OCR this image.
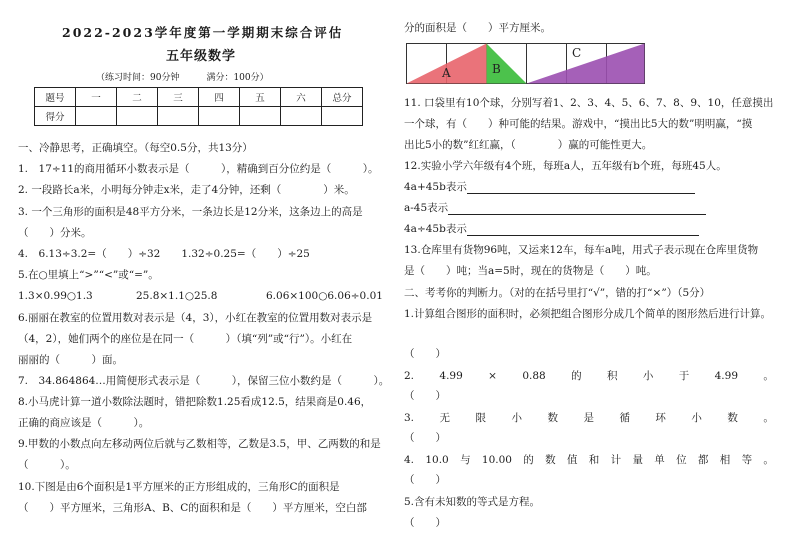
2022-2023学年度第一学期期末综合评估
五年级数学
（练习时间：90分钟　　　满分：100分）
题号	一	二	三	四	五	六	总分
得分							
一、冷静思考，正确填空。（每空0.5分，共13分）
1.　17÷11的商用循环小数表示是（　　　），精确到百分位约是（　　　）。
2. 一段路长a米，小明每分钟走x米，走了4分钟，还剩（　　　　）米。
3. 一个三角形的面积是48平方分米，一条边长是12分米，这条边上的高是
（　　）分米。
4.　6.13÷3.2=（　　）÷32　　1.32÷0.25=（　　）÷25
5.在○里填上“>”“<”或“=”。
1.3×0.99○1.3	25.8×1.1○25.8	6.06×100○6.06÷0.01
6.丽丽在教室的位置用数对表示是（4，3），小红在教室的位置用数对表示是
（4，2），她们两个的座位是在同一（　　　）（填“列”或“行”）。小红在
丽丽的（　　　）面。
7.　34.864864…用简便形式表示是（　　　），保留三位小数约是（　　　）。
8.小马虎计算一道小数除法题时，错把除数1.25看成12.5，结果商是0.46，
正确的商应该是（　　　）。
9.甲数的小数点向左移动两位后就与乙数相等，乙数是3.5，甲、乙两数的和是
（　　　）。
10.下图是由6个面积是1平方厘米的正方形组成的，三角形C的面积是
（　　）平方厘米，三角形A、B、C的面积和是（　　）平方厘米，空白部
分的面积是（　　）平方厘米。
A	B
C
11. 口袋里有10个球，分别写着1、2、3、4、5、6、7、8、9、10，任意摸出
一个球，有（　　）种可能的结果。游戏中，“摸出比5大的数”明明赢，“摸
出比5小的数”红红赢，（　　　　）赢的可能性更大。
12.实验小学六年级有4个班，每班a人，五年级有b个班，每班45人。
4a+45b表示
a-45表示
4a÷45b表示
13.仓库里有货物96吨，又运来12车，每车a吨，用式子表示现在仓库里货物
是（　　）吨；当a=5时，现在的货物是（　　）吨。
二、考考你的判断力。（对的在括号里打“√”，错的打“×”）（5分）
1.计算组合图形的面积时，必须把组合图形分成几个简单的图形然后进行计算。
（　　）
2. 4.99 × 0.88 的 积 小 于 4.99 。
（　　）
3. 无 限 小 数 是 循 环 小 数 。
（　　）
4. 10.0 与 10.00 的 数 值 和 计 量 单 位 都 相 等 。
（　　）
5.含有未知数的等式是方程。
（　　）
